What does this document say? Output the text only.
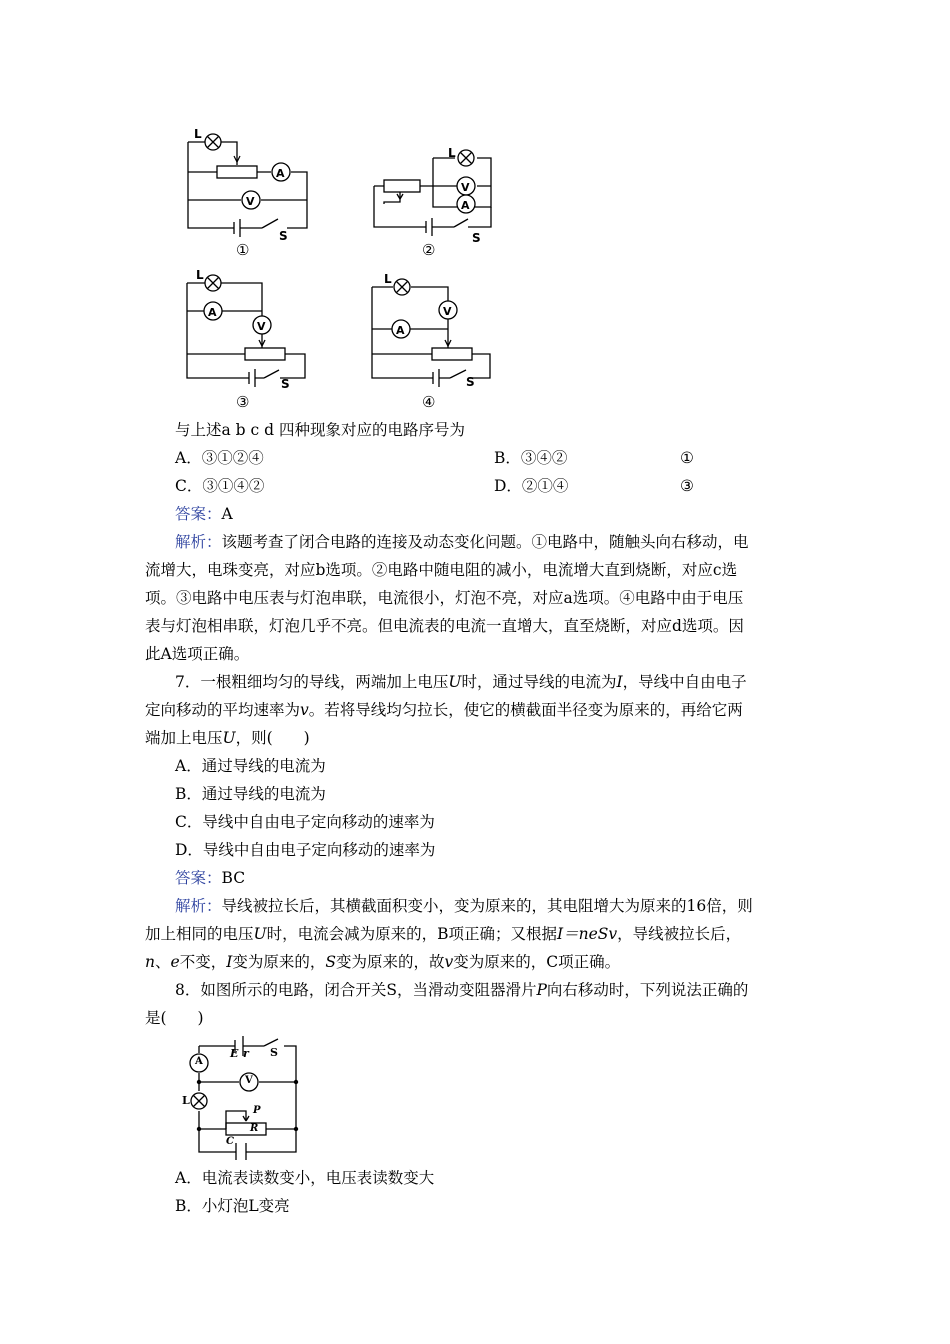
L
A
V
S
L
V
A
S
L
A
V
S
L
A
V
S
①	②
③	④
与上述a b c d 四种现象对应的电路序号为
A．③①②④	B．③④②	①
C．③①④②	D．②①④	③
答案：A
解析：该题考查了闭合电路的连接及动态变化问题。①电路中，随触头向右移动，电
流增大，电珠变亮，对应b选项。②电路中随电阻的减小，电流增大直到烧断，对应c选
项。③电路中电压表与灯泡串联，电流很小，灯泡不亮，对应a选项。④电路中由于电压
表与灯泡相串联，灯泡几乎不亮。但电流表的电流一直增大，直至烧断，对应d选项。因
此A选项正确。
7．一根粗细均匀的导线，两端加上电压U时，通过导线的电流为I，导线中自由电子
定向移动的平均速率为v。若将导线均匀拉长，使它的横截面半径变为原来的，再给它两
端加上电压U，则(　　)
A．通过导线的电流为
B．通过导线的电流为
C．导线中自由电子定向移动的速率为
D．导线中自由电子定向移动的速率为
答案：BC
解析：导线被拉长后，其横截面积变小，变为原来的，其电阻增大为原来的16倍，则
加上相同的电压U时，电流会减为原来的，B项正确；又根据I＝neSv，导线被拉长后，
n、e不变，I变为原来的，S变为原来的，故v变为原来的，C项正确。
8．如图所示的电路，闭合开关S，当滑动变阻器滑片P向右移动时，下列说法正确的
是(　　)
E r S
A
V
L
P
R
C
A．电流表读数变小，电压表读数变大
B．小灯泡L变亮
